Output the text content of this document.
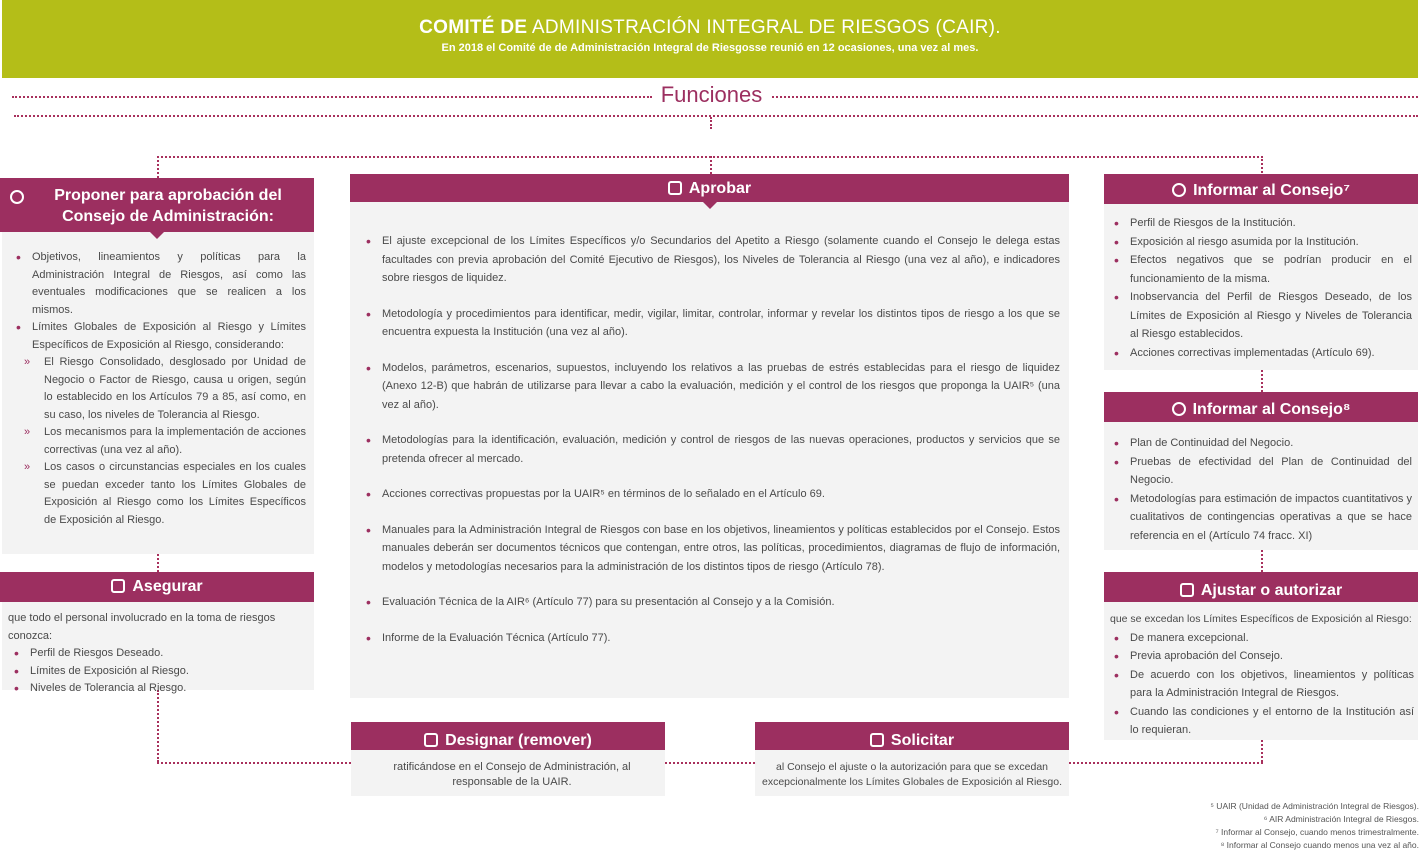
COMITÉ DE ADMINISTRACIÓN INTEGRAL DE RIESGOS (CAIR).
En 2018 el Comité de de Administración Integral de Riesgosse reunió en 12 ocasiones, una vez al mes.
Funciones
Proponer para aprobación del Consejo de Administración:
• Objetivos, lineamientos y políticas para la Administración Integral de Riesgos, así como las eventuales modificaciones que se realicen a los mismos.
• Límites Globales de Exposición al Riesgo y Límites Específicos de Exposición al Riesgo, considerando:
» El Riesgo Consolidado, desglosado por Unidad de Negocio o Factor de Riesgo, causa u origen, según lo establecido en los Artículos 79 a 85, así como, en su caso, los niveles de Tolerancia al Riesgo.
» Los mecanismos para la implementación de acciones correctivas (una vez al año).
» Los casos o circunstancias especiales en los cuales se puedan exceder tanto los Límites Globales de Exposición al Riesgo como los Límites Específicos de Exposición al Riesgo.
Asegurar
que todo el personal involucrado en la toma de riesgos conozca:
• Perfil de Riesgos Deseado.
• Límites de Exposición al Riesgo.
• Niveles de Tolerancia al Riesgo.
Aprobar
• El ajuste excepcional de los Límites Específicos y/o Secundarios del Apetito a Riesgo (solamente cuando el Consejo le delega estas facultades con previa aprobación del Comité Ejecutivo de Riesgos), los Niveles de Tolerancia al Riesgo (una vez al año), e indicadores sobre riesgos de liquidez.
• Metodología y procedimientos para identificar, medir, vigilar, limitar, controlar, informar y revelar los distintos tipos de riesgo a los que se encuentra expuesta la Institución (una vez al año).
• Modelos, parámetros, escenarios, supuestos, incluyendo los relativos a las pruebas de estrés establecidas para el riesgo de liquidez (Anexo 12-B) que habrán de utilizarse para llevar a cabo la evaluación, medición y el control de los riesgos que proponga la UAIR⁵ (una vez al año).
• Metodologías para la identificación, evaluación, medición y control de riesgos de las nuevas operaciones, productos y servicios que se pretenda ofrecer al mercado.
• Acciones correctivas propuestas por la UAIR⁵ en términos de lo señalado en el Artículo 69.
• Manuales para la Administración Integral de Riesgos con base en los objetivos, lineamientos y políticas establecidos por el Consejo. Estos manuales deberán ser documentos técnicos que contengan, entre otros, las políticas, procedimientos, diagramas de flujo de información, modelos y metodologías necesarios para la administración de los distintos tipos de riesgo (Artículo 78).
• Evaluación Técnica de la AIR⁶ (Artículo 77) para su presentación al Consejo y a la Comisión.
• Informe de la Evaluación Técnica (Artículo 77).
Designar (remover)
ratificándose en el Consejo de Administración, al responsable de la UAIR.
Solicitar
al Consejo el ajuste o la autorización para que se excedan excepcionalmente los Límites Globales de Exposición al Riesgo.
Informar al Consejo⁷
• Perfil de Riesgos de la Institución.
• Exposición al riesgo asumida por la Institución.
• Efectos negativos que se podrían producir en el funcionamiento de la misma.
• Inobservancia del Perfil de Riesgos Deseado, de los Límites de Exposición al Riesgo y Niveles de Tolerancia al Riesgo establecidos.
• Acciones correctivas implementadas (Artículo 69).
Informar al Consejo⁸
• Plan de Continuidad del Negocio.
• Pruebas de efectividad del Plan de Continuidad del Negocio.
• Metodologías para estimación de impactos cuantitativos y cualitativos de contingencias operativas a que se hace referencia en el (Artículo 74 fracc. XI)
Ajustar o autorizar
que se excedan los Límites Específicos de Exposición al Riesgo:
• De manera excepcional.
• Previa aprobación del Consejo.
• De acuerdo con los objetivos, lineamientos y políticas para la Administración Integral de Riesgos.
• Cuando las condiciones y el entorno de la Institución así lo requieran.
⁵ UAIR (Unidad de Administración Integral de Riesgos).
⁶ AIR Administración Integral de Riesgos.
⁷ Informar al Consejo, cuando menos trimestralmente.
⁸ Informar al Consejo cuando menos una vez al año.
